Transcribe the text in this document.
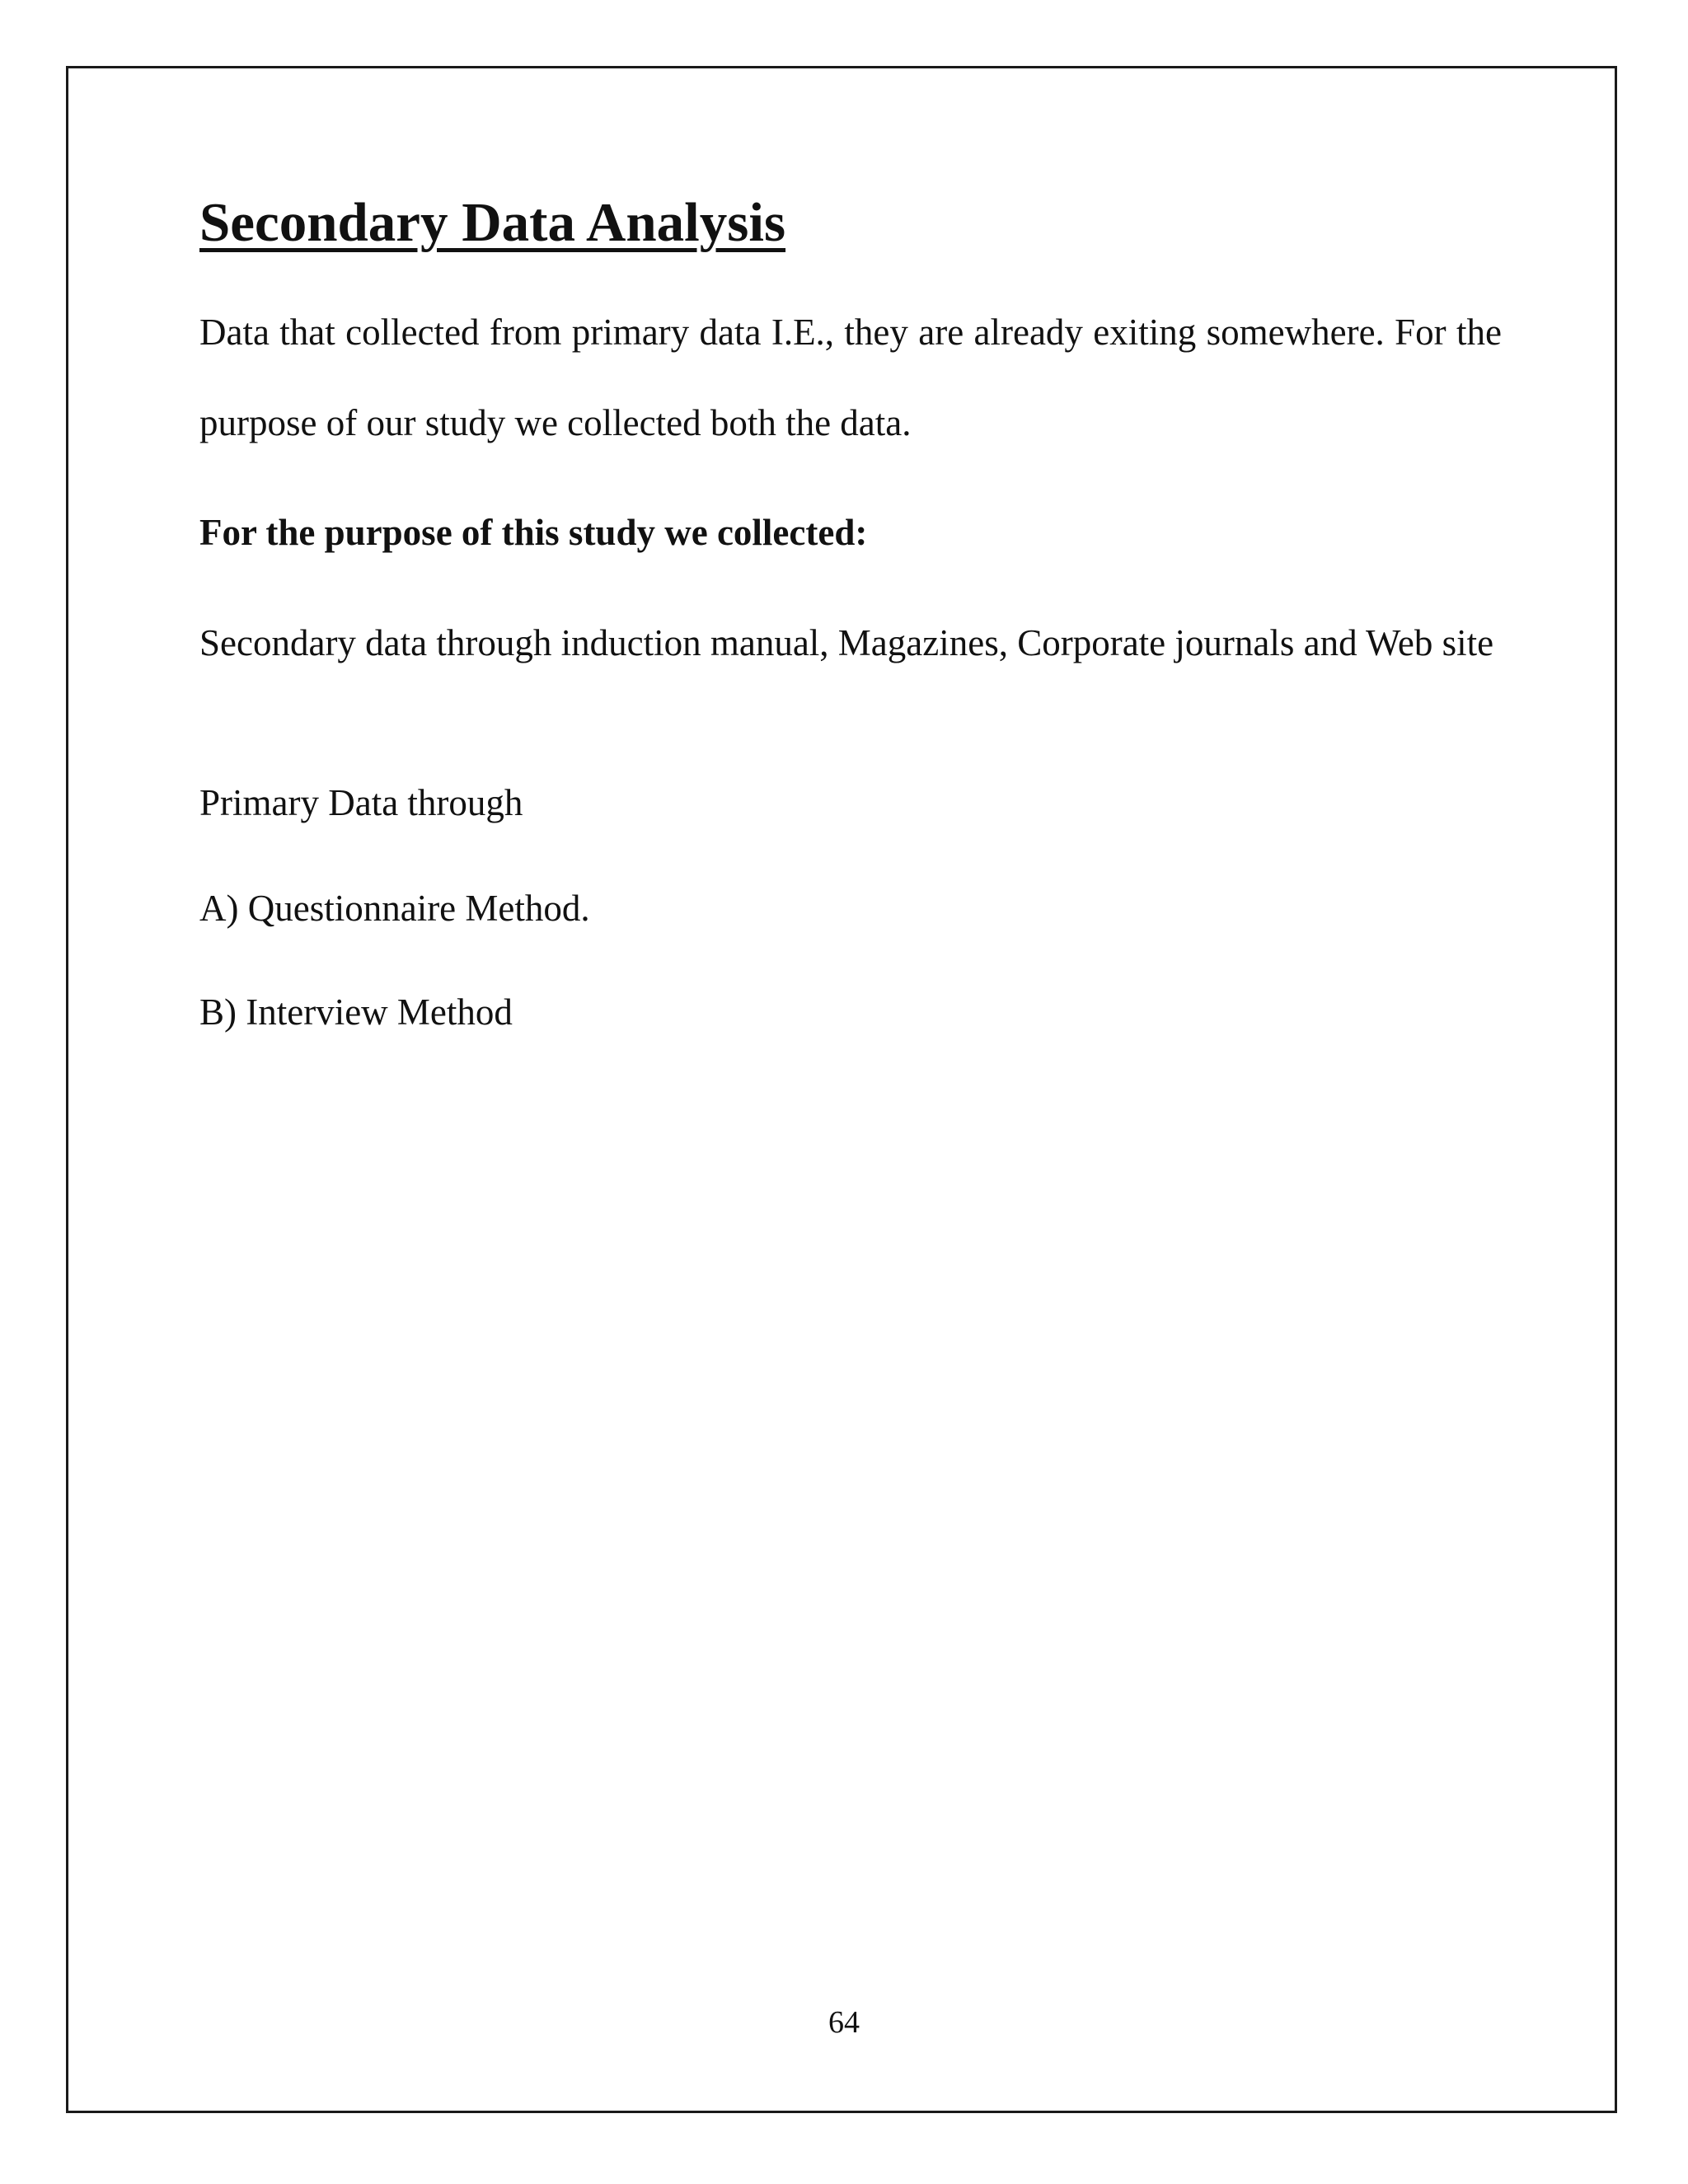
Secondary Data Analysis

Data that collected from primary data I.E., they are already exiting somewhere. For the purpose of our study we collected both the data.

For the purpose of this study we collected:

Secondary data through induction manual, Magazines, Corporate journals and Web site

Primary Data through

A) Questionnaire Method.

B) Interview Method

64
